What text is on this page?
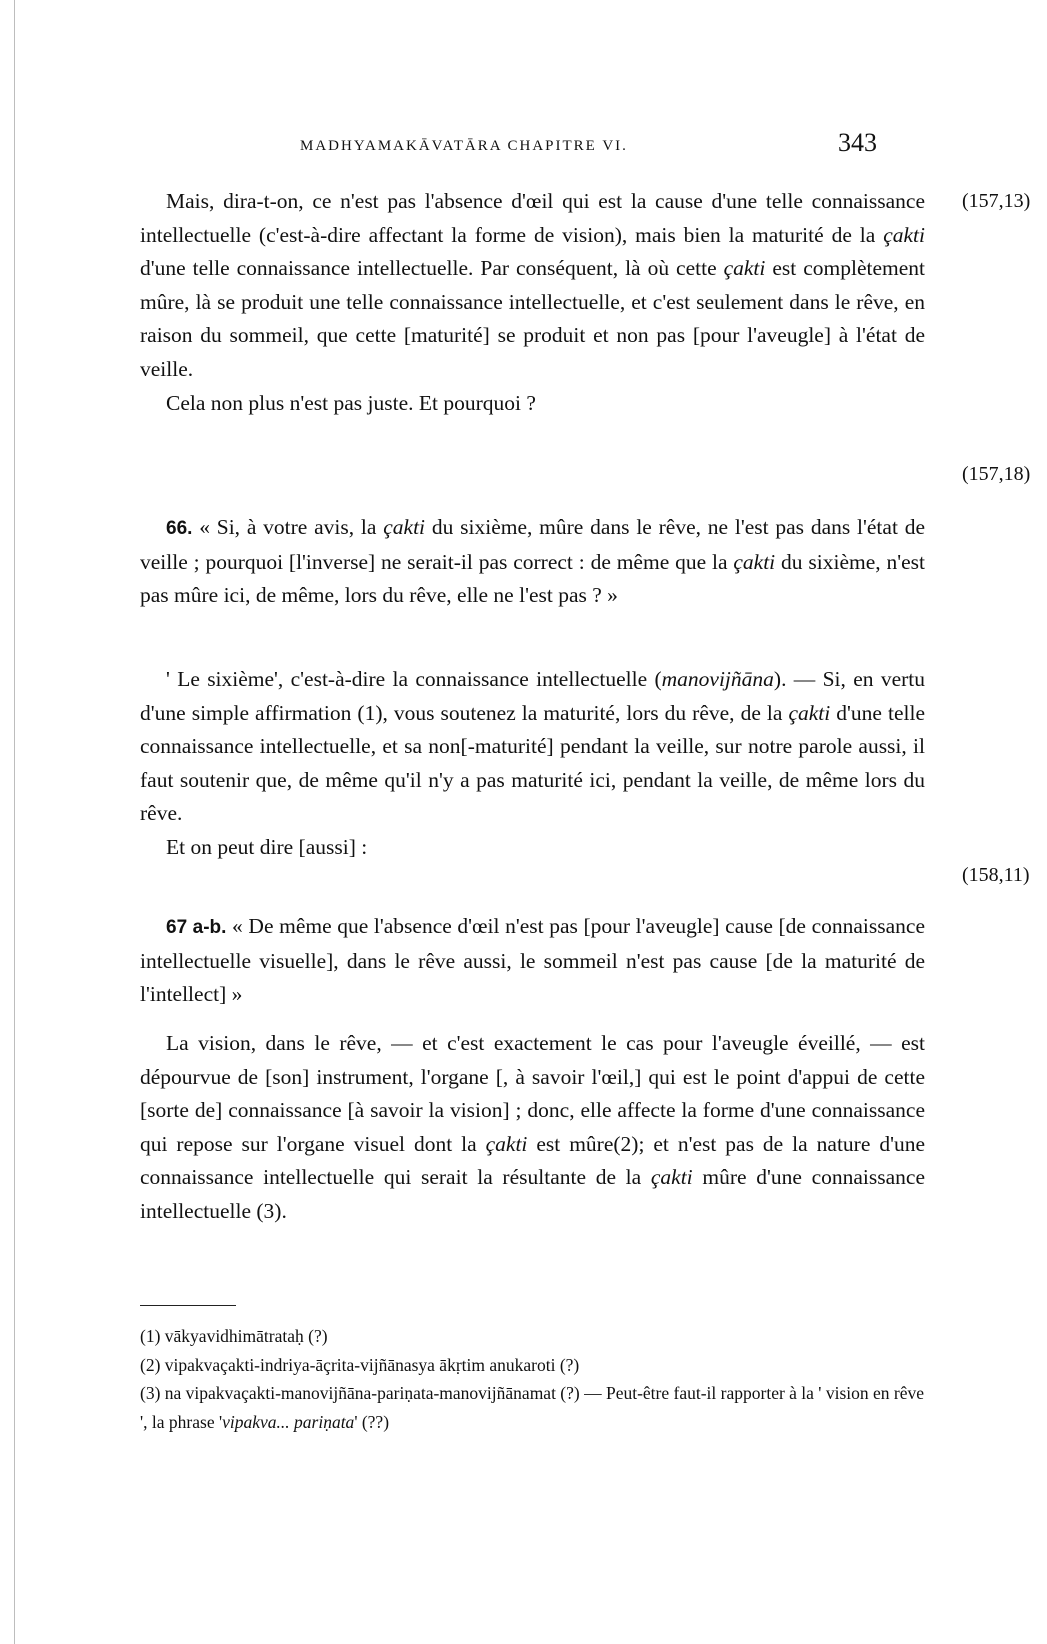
MADHYAMAKĀVATĀRA CHAPITRE VI.	343
(157,13)
(157,18)
(158,11)

Mais, dira-t-on, ce n'est pas l'absence d'œil qui est la cause d'une telle connaissance intellectuelle (c'est-à-dire affectant la forme de vision), mais bien la maturité de la çakti d'une telle connaissance intellectuelle. Par conséquent, là où cette çakti est complètement mûre, là se produit une telle connaissance intellectuelle, et c'est seulement dans le rêve, en raison du sommeil, que cette [maturité] se produit et non pas [pour l'aveugle] à l'état de veille.

Cela non plus n'est pas juste. Et pourquoi ?

66. « Si, à votre avis, la çakti du sixième, mûre dans le rêve, ne l'est pas dans l'état de veille ; pourquoi [l'inverse] ne serait-il pas correct : de même que la çakti du sixième, n'est pas mûre ici, de même, lors du rêve, elle ne l'est pas ? »

' Le sixième', c'est-à-dire la connaissance intellectuelle (manovijñāna). — Si, en vertu d'une simple affirmation (1), vous soutenez la maturité, lors du rêve, de la çakti d'une telle connaissance intellectuelle, et sa non[-maturité] pendant la veille, sur notre parole aussi, il faut soutenir que, de même qu'il n'y a pas maturité ici, pendant la veille, de même lors du rêve.

Et on peut dire [aussi] :

67 a-b. « De même que l'absence d'œil n'est pas [pour l'aveugle] cause [de connaissance intellectuelle visuelle], dans le rêve aussi, le sommeil n'est pas cause [de la maturité de l'intellect] »

La vision, dans le rêve, — et c'est exactement le cas pour l'aveugle éveillé, — est dépourvue de [son] instrument, l'organe [, à savoir l'œil,] qui est le point d'appui de cette [sorte de] connaissance [à savoir la vision] ; donc, elle affecte la forme d'une connaissance qui repose sur l'organe visuel dont la çakti est mûre(2); et n'est pas de la nature d'une connaissance intellectuelle qui serait la résultante de la çakti mûre d'une connaissance intellectuelle (3).

(1) vākyavidhimātrataḥ (?)

(2) vipakvaçakti-indriya-āçrita-vijñānasya ākṛtim anukaroti (?)

(3) na vipakvaçakti-manovijñāna-pariṇata-manovijñānamat (?) — Peut-être faut-il rapporter à la ' vision en rêve ', la phrase 'vipakva... pariṇata' (??)
